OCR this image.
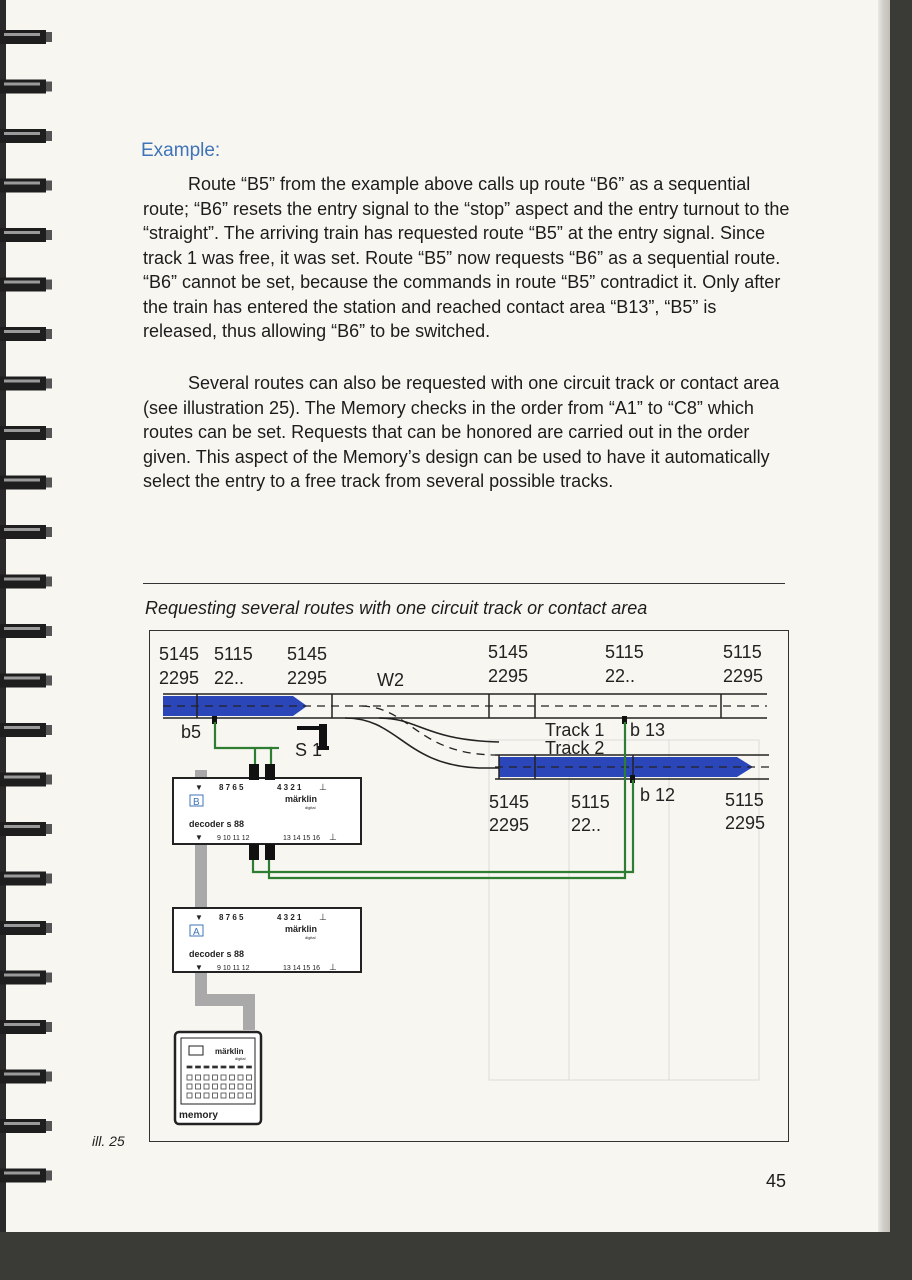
Example:

Route “B5” from the example above calls up route “B6” as a sequential route; “B6” resets the entry signal to the “stop” aspect and the entry turnout to the “straight”. The arriving train has requested route “B5” at the entry signal. Since track 1 was free, it was set. Route “B5” now requests “B6” as a sequential route. “B6” cannot be set, because the commands in route “B5” contradict it. Only after the train has entered the station and reached contact area “B13”, “B5” is released, thus allowing “B6” to be switched.

Several routes can also be requested with one circuit track or contact area (see illustration 25). The Memory checks in the order from “A1” to “C8” which routes can be set. Requests that can be honored are carried out in the order given. This aspect of the Memory’s design can be used to have it automatically select the entry to a free track from several possible tracks.

Requesting several routes with one circuit track or contact area
5145
2295
5115
22..
5145
2295
5145
2295
5115
22..
5115
2295
W2
S 1
b5	Track 1
Track 2
b 13
b 12
5145
2295
5115
22..
5115
2295
▼ 8 7 6 5	4 3 2 1 ⊥
B	märklin
digital
decoder s 88
▼ 9 10 11 12	13 14 15 16 ⊥
▼ 8 7 6 5	4 3 2 1 ⊥
A	märklin
digital
decoder s 88
▼ 9 10 11 12	13 14 15 16 ⊥
märklin
digital
memory
ill. 25
45
